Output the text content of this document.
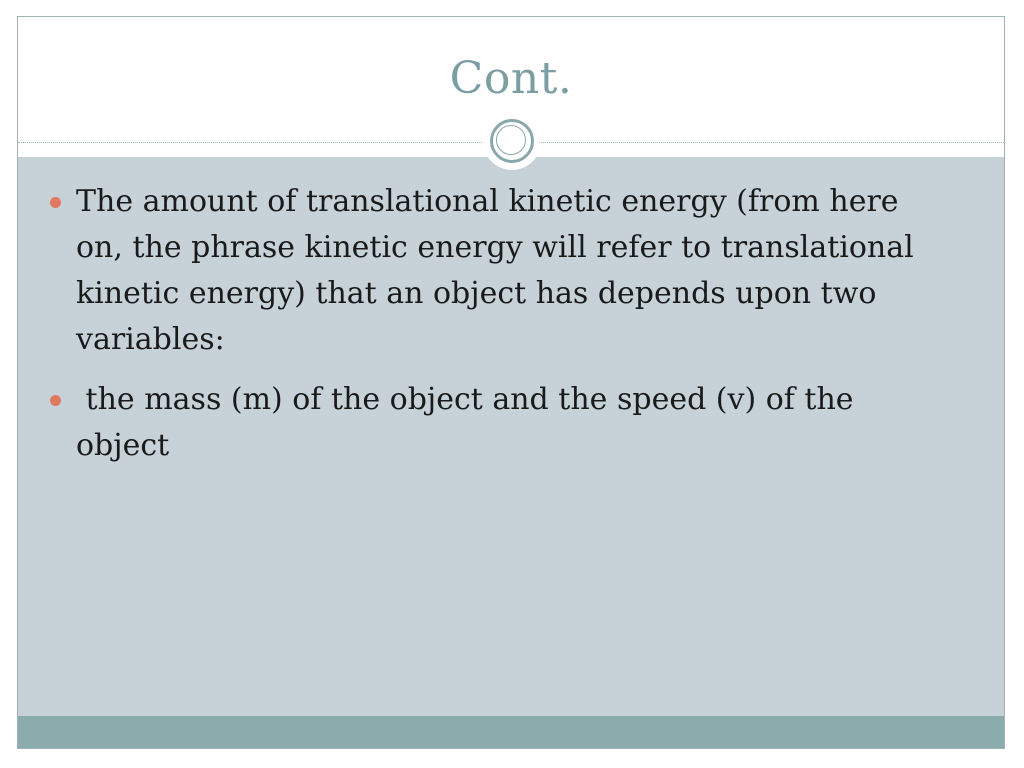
Cont.
The amount of translational kinetic energy (from here on, the phrase kinetic energy will refer to translational kinetic energy) that an object has depends upon two variables:
the mass (m) of the object and the speed (v) of the object
